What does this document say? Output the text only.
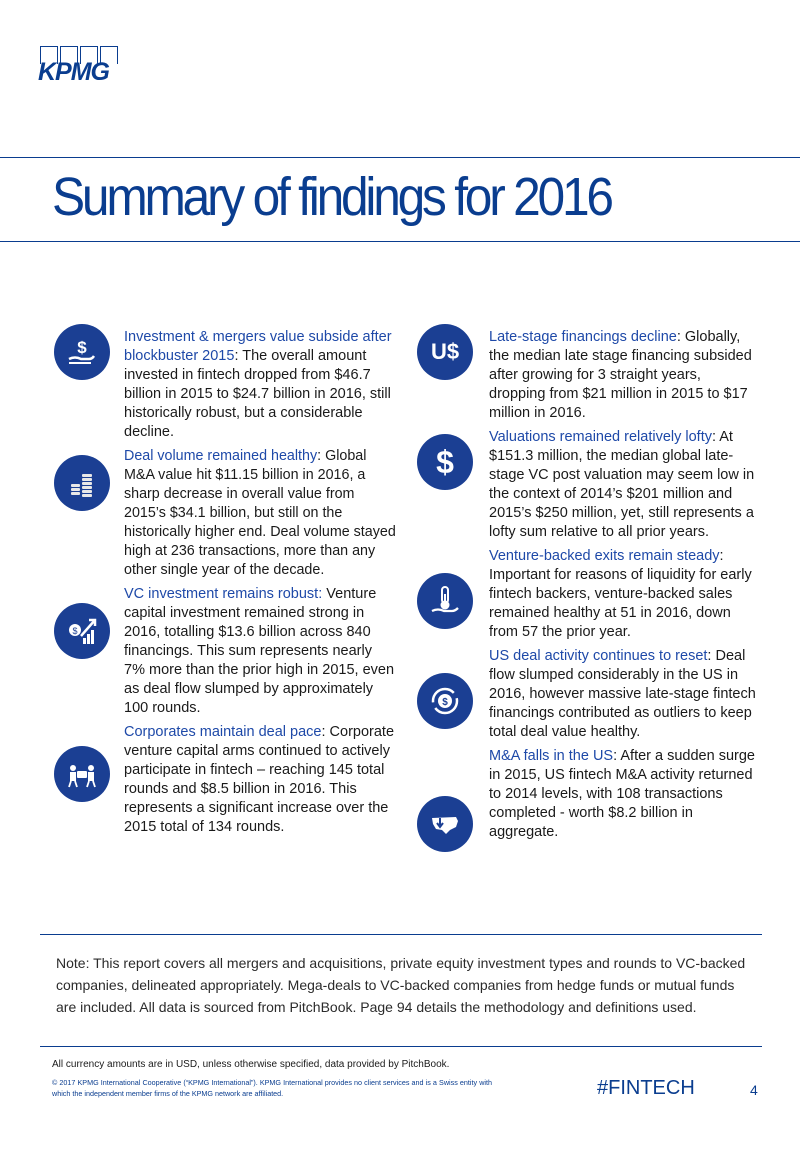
KPMG
Summary of findings for 2016
$
$
U$
$
$
Investment & mergers value subside after blockbuster 2015: The overall amount invested in fintech dropped from $46.7 billion in 2015 to $24.7 billion in 2016, still historically robust, but a considerable decline.
Deal volume remained healthy: Global M&A value hit $11.15 billion in 2016, a sharp decrease in overall value from 2015’s $34.1 billion, but still on the historically higher end. Deal volume stayed high at 236 transactions, more than any other single year of the decade.
VC investment remains robust: Venture capital investment remained strong in 2016, totalling $13.6 billion across 840 financings. This sum represents nearly 7% more than the prior high in 2015, even as deal flow slumped by approximately 100 rounds.
Corporates maintain deal pace: Corporate venture capital arms continued to actively participate in fintech – reaching 145 total rounds and $8.5 billion in 2016. This represents a significant increase over the 2015 total of 134 rounds.
Late-stage financings decline: Globally, the median late stage financing subsided after growing for 3 straight years, dropping from $21 million in 2015 to $17 million in 2016.
Valuations remained relatively lofty: At $151.3 million, the median global late-stage VC post valuation may seem low in the context of 2014’s $201 million and 2015’s $250 million, yet, still represents a lofty sum relative to all prior years.
Venture-backed exits remain steady: Important for reasons of liquidity for early fintech backers, venture-backed sales remained healthy at 51 in 2016, down from 57 the prior year.
US deal activity continues to reset: Deal flow slumped considerably in the US in 2016, however massive late-stage fintech financings contributed as outliers to keep total deal value healthy.
M&A falls in the US: After a sudden surge in 2015, US fintech M&A activity returned to 2014 levels, with 108 transactions completed - worth $8.2 billion in aggregate.

Note: This report covers all mergers and acquisitions, private equity investment types and rounds to VC-backed companies, delineated appropriately. Mega-deals to VC-backed companies from hedge funds or mutual funds are included. All data is sourced from PitchBook. Page 94 details the methodology and definitions used.

All currency amounts are in USD, unless otherwise specified, data provided by PitchBook.
© 2017 KPMG International Cooperative (“KPMG International”). KPMG International provides no client services and is a Swiss entity with which the independent member firms of the KPMG network are affiliated.	#FINTECH	4
